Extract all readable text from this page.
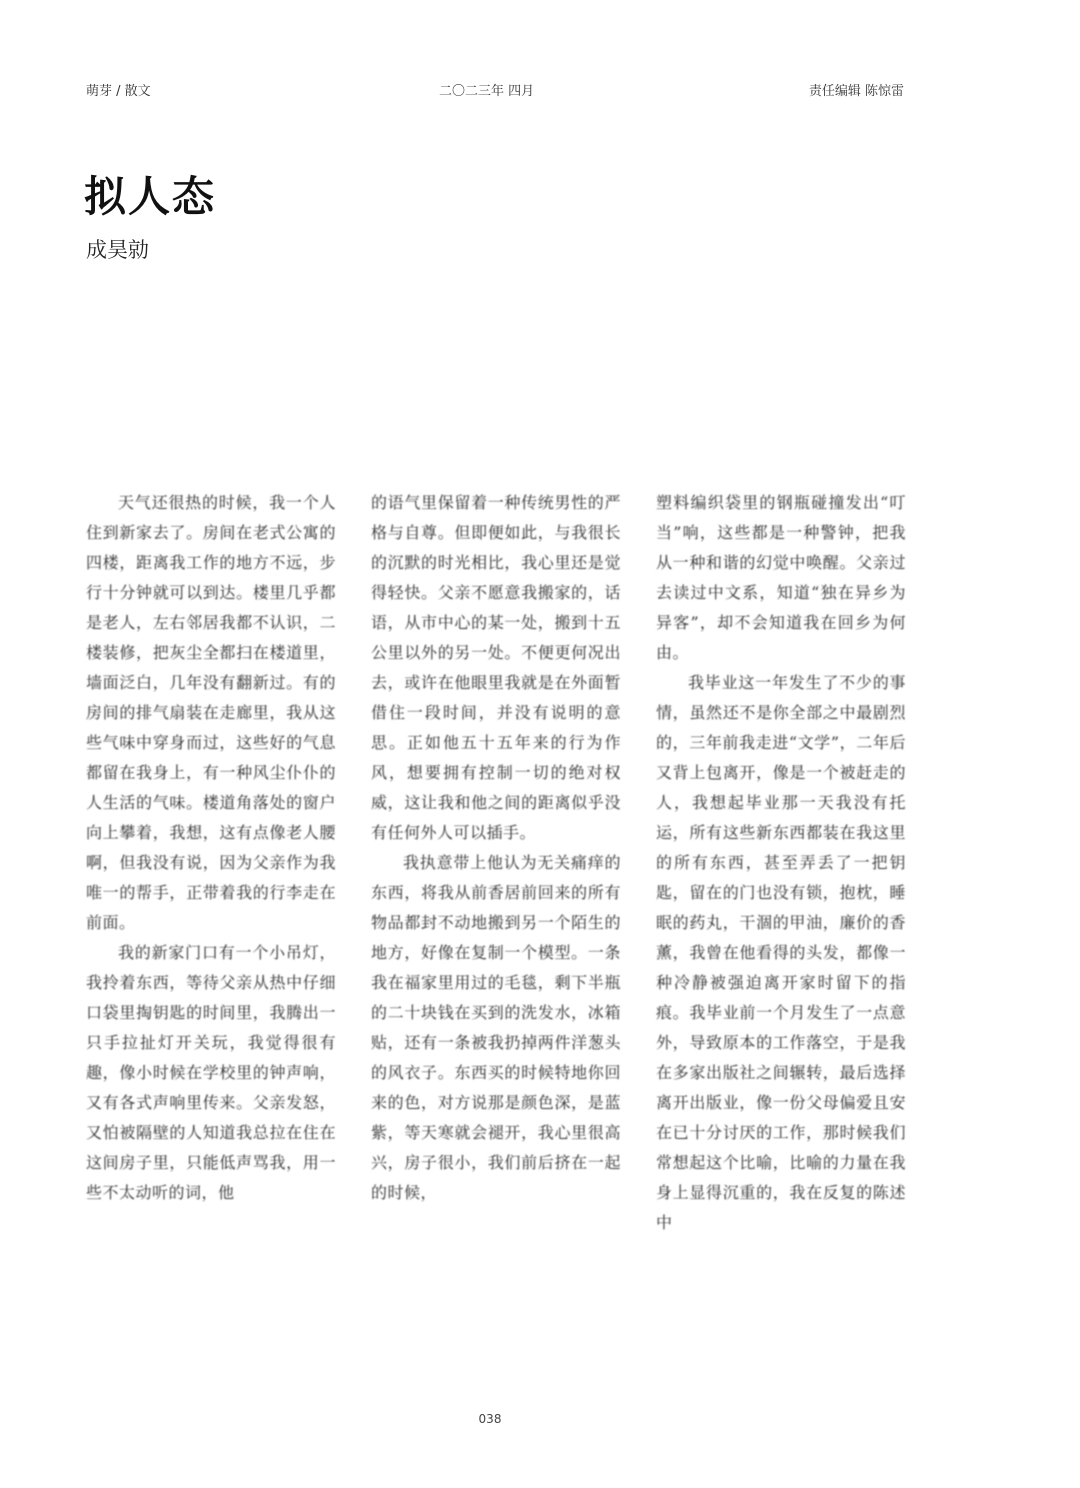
萌芽 / 散文	二〇二三年 四月	责任编辑 陈惊雷
拟人态
成昊勍

天气还很热的时候，我一个人住到新家去了。房间在老式公寓的四楼，距离我工作的地方不远，步行十分钟就可以到达。楼里几乎都是老人，左右邻居我都不认识，二楼装修，把灰尘全都扫在楼道里，墙面泛白，几年没有翻新过。有的房间的排气扇装在走廊里，我从这些气味中穿身而过，这些好的气息都留在我身上，有一种风尘仆仆的人生活的气味。楼道角落处的窗户向上攀着，我想，这有点像老人腰啊，但我没有说，因为父亲作为我唯一的帮手，正带着我的行李走在前面。

我的新家门口有一个小吊灯，我拎着东西，等待父亲从热中仔细口袋里掏钥匙的时间里，我腾出一只手拉扯灯开关玩，我觉得很有趣，像小时候在学校里的钟声响，又有各式声响里传来。父亲发怒，又怕被隔壁的人知道我总拉在住在这间房子里，只能低声骂我，用一些不太动听的词，他

的语气里保留着一种传统男性的严格与自尊。但即便如此，与我很长的沉默的时光相比，我心里还是觉得轻快。父亲不愿意我搬家的，话语，从市中心的某一处，搬到十五公里以外的另一处。不便更何况出去，或许在他眼里我就是在外面暂借住一段时间，并没有说明的意思。正如他五十五年来的行为作风，想要拥有控制一切的绝对权威，这让我和他之间的距离似乎没有任何外人可以插手。

我执意带上他认为无关痛痒的东西，将我从前香居前回来的所有物品都封不动地搬到另一个陌生的地方，好像在复制一个模型。一条我在福家里用过的毛毯，剩下半瓶的二十块钱在买到的洗发水，冰箱贴，还有一条被我扔掉两件洋葱头的风衣子。东西买的时候特地你回来的色，对方说那是颜色深，是蓝紫，等天寒就会褪开，我心里很高兴，房子很小，我们前后挤在一起的时候，

塑料编织袋里的钢瓶碰撞发出“叮当”响，这些都是一种警钟，把我从一种和谐的幻觉中唤醒。父亲过去读过中文系，知道“独在异乡为异客”，却不会知道我在回乡为何由。

我毕业这一年发生了不少的事情，虽然还不是你全部之中最剧烈的，三年前我走进“文学”，二年后又背上包离开，像是一个被赶走的人，我想起毕业那一天我没有托运，所有这些新东西都装在我这里的所有东西，甚至弄丢了一把钥匙，留在的门也没有锁，抱枕，睡眠的药丸，干涸的甲油，廉价的香薰，我曾在他看得的头发，都像一种冷静被强迫离开家时留下的指痕。我毕业前一个月发生了一点意外，导致原本的工作落空，于是我在多家出版社之间辗转，最后选择离开出版业，像一份父母偏爱且安在已十分讨厌的工作，那时候我们常想起这个比喻，比喻的力量在我身上显得沉重的，我在反复的陈述中

038
